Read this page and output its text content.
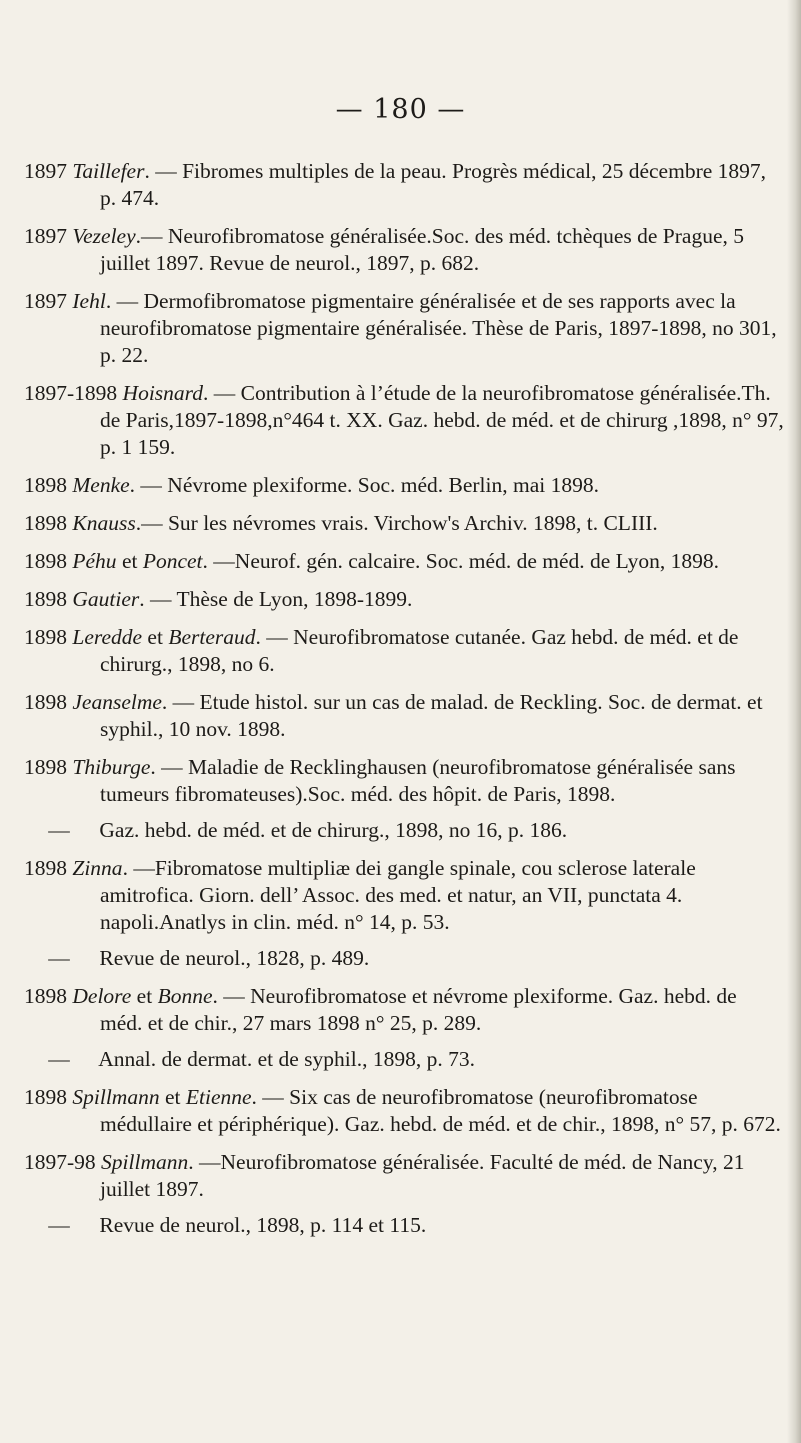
— 180 —

1897 Taillefer. — Fibromes multiples de la peau. Progrès médical, 25 décembre 1897, p. 474.

1897 Vezeley.— Neurofibromatose généralisée.Soc. des méd. tchèques de Prague, 5 juillet 1897. Revue de neurol., 1897, p. 682.

1897 Iehl. — Dermofibromatose pigmentaire généralisée et de ses rapports avec la neurofibromatose pigmentaire généralisée. Thèse de Paris, 1897-1898, no 301, p. 22.

1897-1898 Hoisnard. — Contribution à l’étude de la neurofibromatose généralisée.Th. de Paris,1897-1898,n°464 t. XX. Gaz. hebd. de méd. et de chirurg ,1898, n° 97, p. 1 159.

1898 Menke. — Névrome plexiforme. Soc. méd. Berlin, mai 1898.

1898 Knauss.— Sur les névromes vrais. Virchow's Archiv. 1898, t. CLIII.

1898 Péhu et Poncet. —Neurof. gén. calcaire. Soc. méd. de méd. de Lyon, 1898.

1898 Gautier. — Thèse de Lyon, 1898-1899.

1898 Leredde et Berteraud. — Neurofibromatose cutanée. Gaz hebd. de méd. et de chirurg., 1898, no 6.

1898 Jeanselme. — Etude histol. sur un cas de malad. de Reckling. Soc. de dermat. et syphil., 10 nov. 1898.

1898 Thiburge. — Maladie de Recklinghausen (neurofibromatose généralisée sans tumeurs fibromateuses).Soc. méd. des hôpit. de Paris, 1898.

— Gaz. hebd. de méd. et de chirurg., 1898, no 16, p. 186.

1898 Zinna. —Fibromatose multipliæ dei gangle spinale, cou sclerose laterale amitrofica. Giorn. dell’ Assoc. des med. et natur, an VII, punctata 4. napoli.Anatlys in clin. méd. n° 14, p. 53.

— Revue de neurol., 1828, p. 489.

1898 Delore et Bonne. — Neurofibromatose et névrome plexiforme. Gaz. hebd. de méd. et de chir., 27 mars 1898 n° 25, p. 289.

— Annal. de dermat. et de syphil., 1898, p. 73.

1898 Spillmann et Etienne. — Six cas de neurofibromatose (neurofibromatose médullaire et périphérique). Gaz. hebd. de méd. et de chir., 1898, n° 57, p. 672.

1897-98 Spillmann. —Neurofibromatose généralisée. Faculté de méd. de Nancy, 21 juillet 1897.

— Revue de neurol., 1898, p. 114 et 115.
